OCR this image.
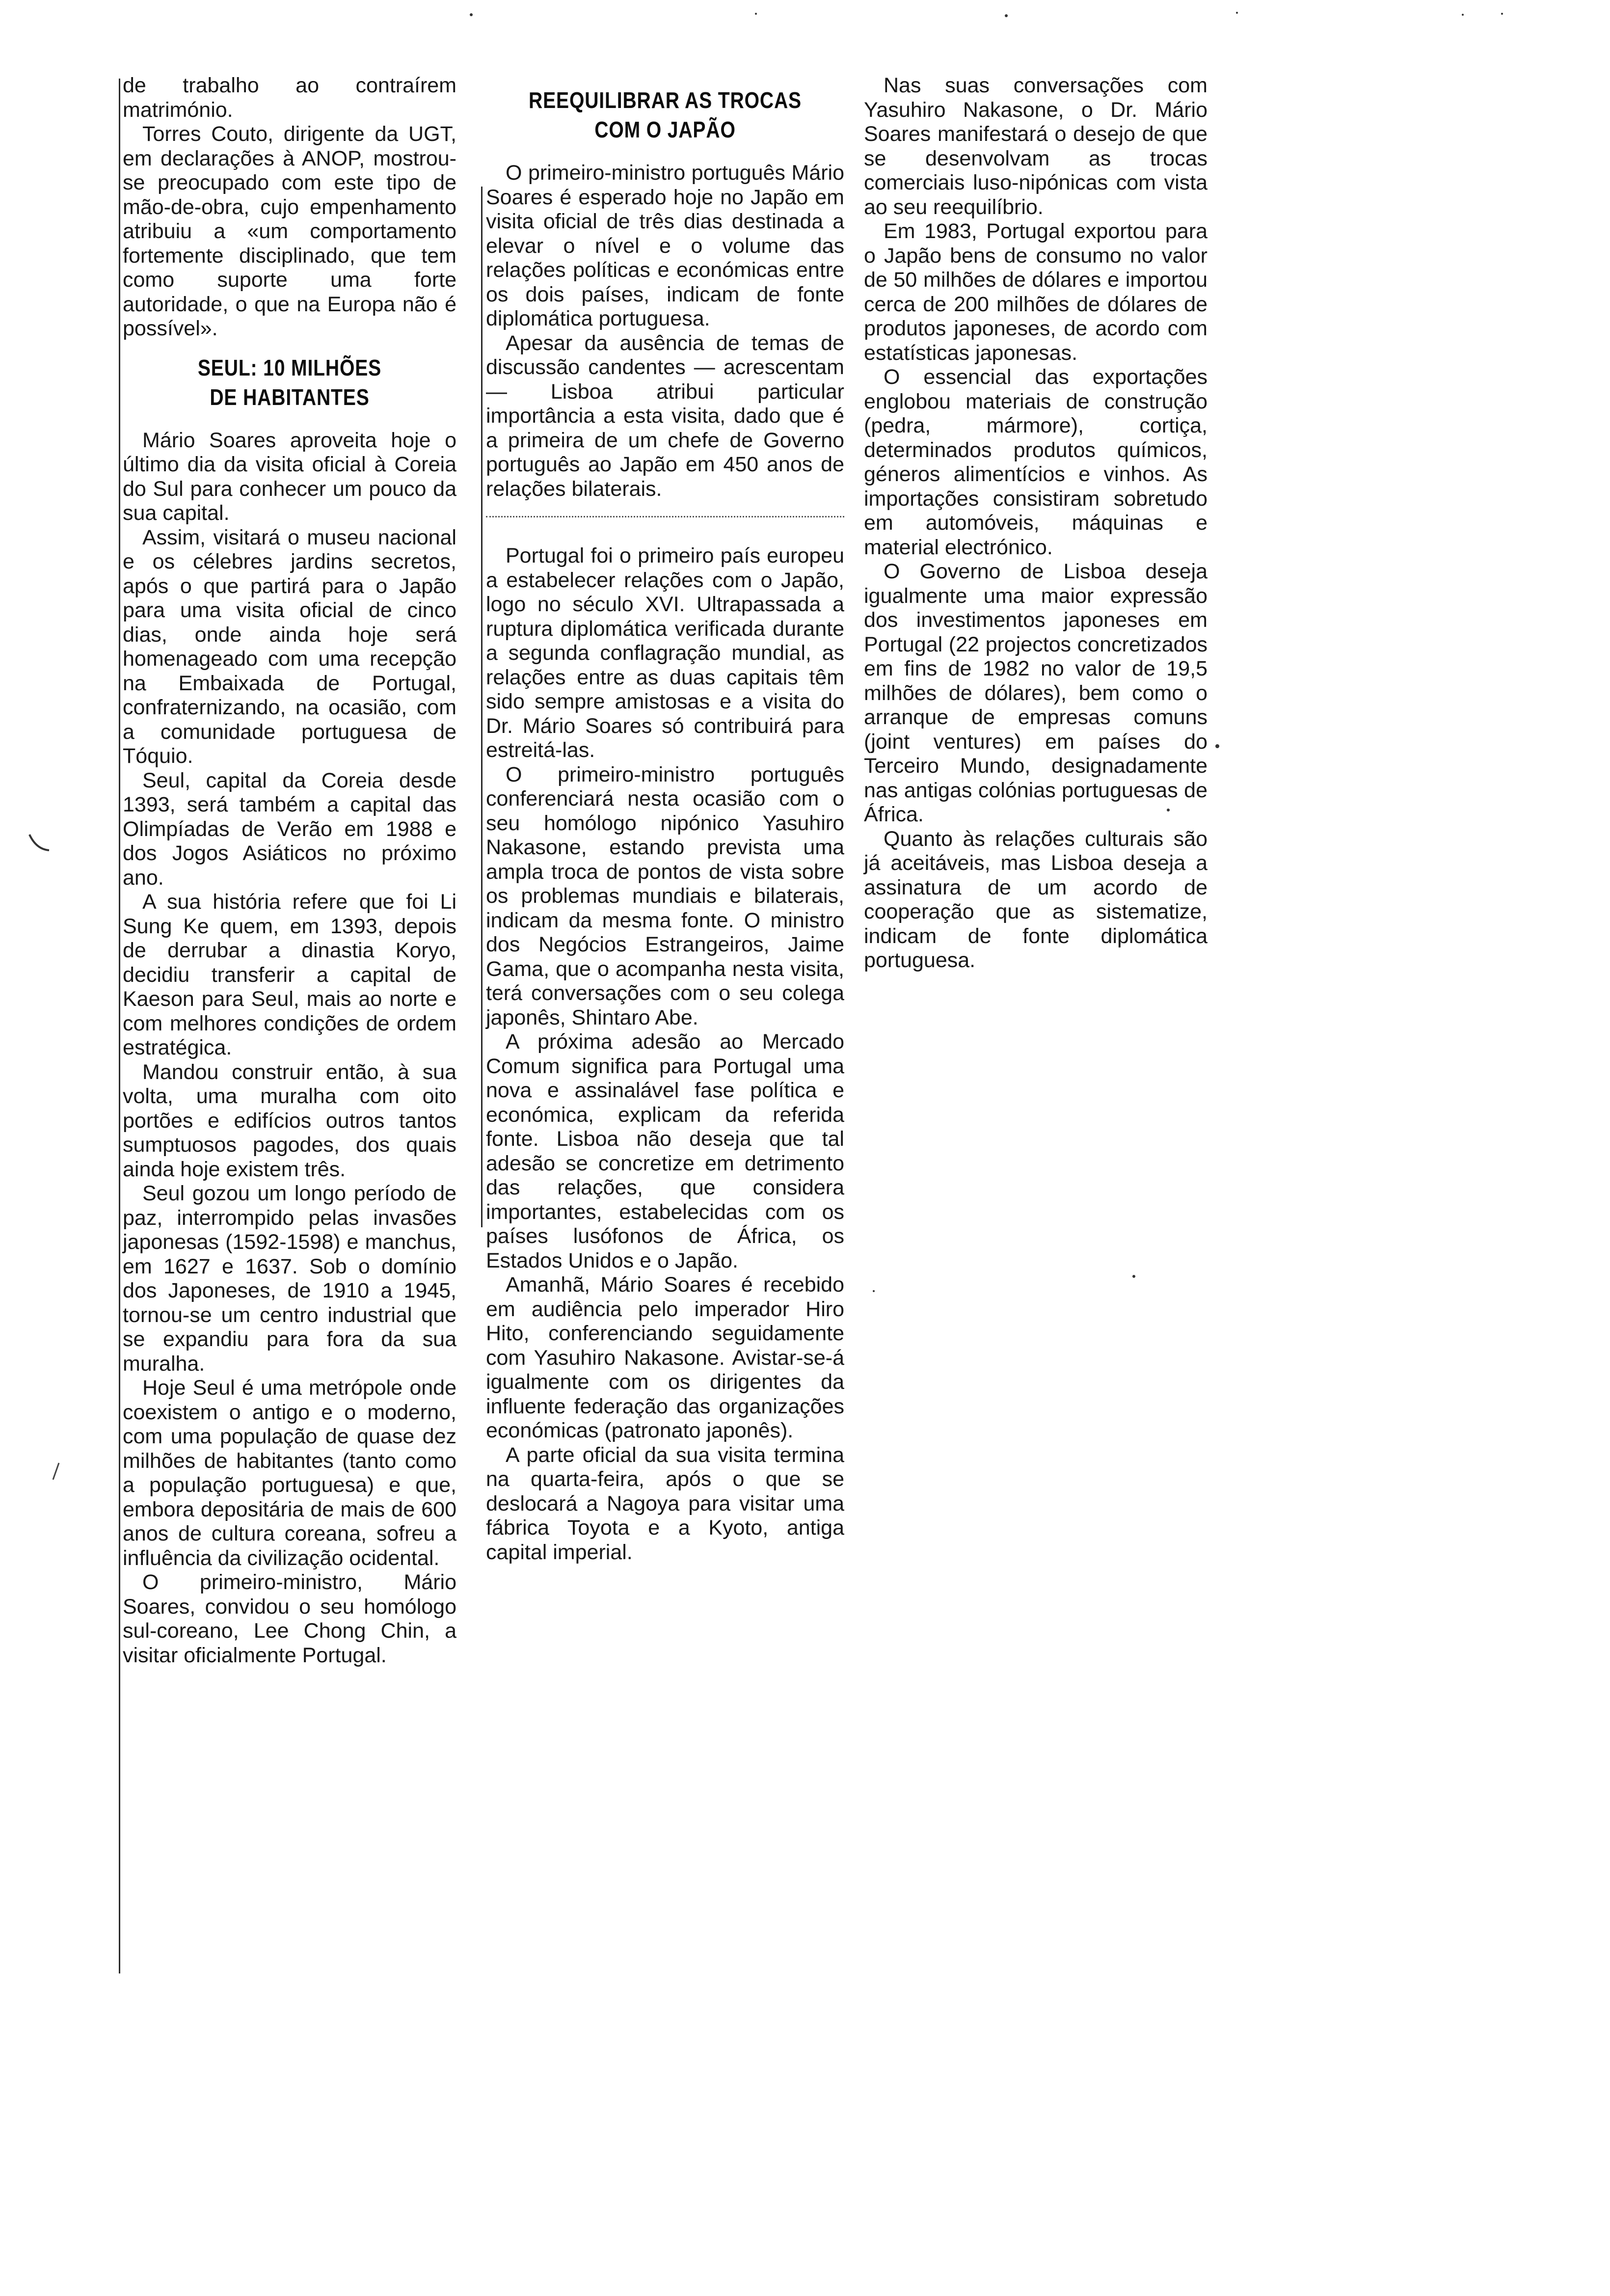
de trabalho ao contraírem matrimónio.

Torres Couto, dirigente da UGT, em declarações à ANOP, mostrou-se preocupado com este tipo de mão-de-obra, cujo empenhamento atribuiu a «um comportamento fortemente disciplinado, que tem como suporte uma forte autoridade, o que na Europa não é possível».

SEUL: 10 MILHÕES
DE HABITANTES

Mário Soares aproveita hoje o último dia da visita oficial à Coreia do Sul para conhecer um pouco da sua capital.

Assim, visitará o museu nacional e os célebres jardins secretos, após o que partirá para o Japão para uma visita oficial de cinco dias, onde ainda hoje será homenageado com uma recepção na Embaixada de Portugal, confraternizando, na ocasião, com a comunidade portuguesa de Tóquio.

Seul, capital da Coreia desde 1393, será também a capital das Olimpíadas de Verão em 1988 e dos Jogos Asiáticos no próximo ano.

A sua história refere que foi Li Sung Ke quem, em 1393, depois de derrubar a dinastia Koryo, decidiu transferir a capital de Kaeson para Seul, mais ao norte e com melhores condições de ordem estratégica.

Mandou construir então, à sua volta, uma muralha com oito portões e edifícios outros tantos sumptuosos pagodes, dos quais ainda hoje existem três.

Seul gozou um longo período de paz, interrompido pelas invasões japonesas (1592-1598) e manchus, em 1627 e 1637. Sob o domínio dos Japoneses, de 1910 a 1945, tornou-se um centro industrial que se expandiu para fora da sua muralha.

Hoje Seul é uma metrópole onde coexistem o antigo e o moderno, com uma população de quase dez milhões de habitantes (tanto como a população portuguesa) e que, embora depositária de mais de 600 anos de cultura coreana, sofreu a influência da civilização ocidental.

O primeiro-ministro, Mário Soares, convidou o seu homólogo sul-coreano, Lee Chong Chin, a visitar oficialmente Portugal.

REEQUILIBRAR AS TROCAS
COM O JAPÃO

O primeiro-ministro português Mário Soares é esperado hoje no Japão em visita oficial de três dias destinada a elevar o nível e o volume das relações políticas e económicas entre os dois países, indicam de fonte diplomática portuguesa.

Apesar da ausência de temas de discussão candentes — acrescentam — Lisboa atribui particular importância a esta visita, dado que é a primeira de um chefe de Governo português ao Japão em 450 anos de relações bilaterais.

Portugal foi o primeiro país europeu a estabelecer relações com o Japão, logo no século XVI. Ultrapassada a ruptura diplomática verificada durante a segunda conflagração mundial, as relações entre as duas capitais têm sido sempre amistosas e a visita do Dr. Mário Soares só contribuirá para estreitá-las.

O primeiro-ministro português conferenciará nesta ocasião com o seu homólogo nipónico Yasuhiro Nakasone, estando prevista uma ampla troca de pontos de vista sobre os problemas mundiais e bilaterais, indicam da mesma fonte. O ministro dos Negócios Estrangeiros, Jaime Gama, que o acompanha nesta visita, terá conversações com o seu colega japonês, Shintaro Abe.

A próxima adesão ao Mercado Comum significa para Portugal uma nova e assinalável fase política e económica, explicam da referida fonte. Lisboa não deseja que tal adesão se concretize em detrimento das relações, que considera importantes, estabelecidas com os países lusófonos de África, os Estados Unidos e o Japão.

Amanhã, Mário Soares é recebido em audiência pelo imperador Hiro Hito, conferenciando seguidamente com Yasuhiro Nakasone. Avistar-se-á igualmente com os dirigentes da influente federação das organizações económicas (patronato japonês).

A parte oficial da sua visita termina na quarta-feira, após o que se deslocará a Nagoya para visitar uma fábrica Toyota e a Kyoto, antiga capital imperial.

Nas suas conversações com Yasuhiro Nakasone, o Dr. Mário Soares manifestará o desejo de que se desenvolvam as trocas comerciais luso-nipónicas com vista ao seu reequilíbrio.

Em 1983, Portugal exportou para o Japão bens de consumo no valor de 50 milhões de dólares e importou cerca de 200 milhões de dólares de produtos japoneses, de acordo com estatísticas japonesas.

O essencial das exportações englobou materiais de construção (pedra, mármore), cortiça, determinados produtos químicos, géneros alimentícios e vinhos. As importações consistiram sobretudo em automóveis, máquinas e material electrónico.

O Governo de Lisboa deseja igualmente uma maior expressão dos investimentos japoneses em Portugal (22 projectos concretizados em fins de 1982 no valor de 19,5 milhões de dólares), bem como o arranque de empresas comuns (joint ventures) em países do Terceiro Mundo, designadamente nas antigas colónias portuguesas de África.

Quanto às relações culturais são já aceitáveis, mas Lisboa deseja a assinatura de um acordo de cooperação que as sistematize, indicam de fonte diplomática portuguesa.
